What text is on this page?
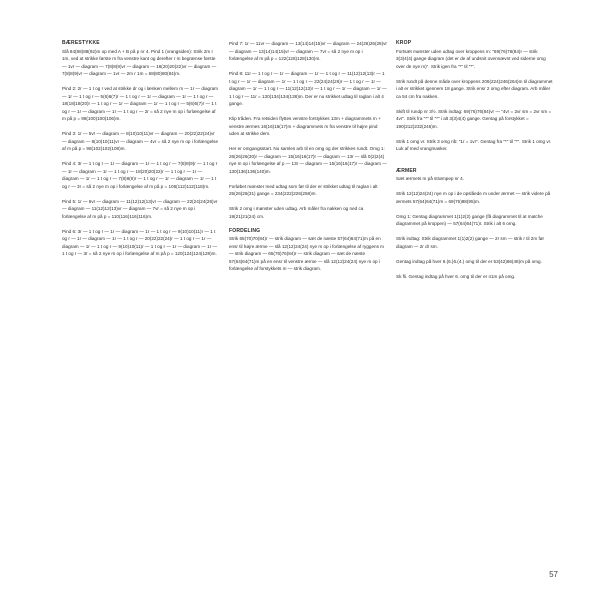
BÆRESTYKKE

Slå 84(88)88(92)m op med A + B på p nr 4. Pind 1 (vrangsiden): Strik 2m r 1m, ved at strikke første m fra venstre kant og derefter r m begrænse første — 1vr — diagram — 7(8)8(9)vr — diagram — 16(20)20(22)vr — diagram — 7(8)8(9)vr — diagram — 1vr — 2m r 1m = 68(80)80(84)m.

Pind 2: 2r — 1 t og r ved at strikke dr og i lænken mellem m — 1r — diagram — 1r — 1 t og r — 5(6)6(7)r — 1 t og r — 1r — diagram — 1r — 1 t og r — 18(18)18(20)r — 1 t og r — 1r — diagram — 1r — 1 t og r — 5(6)6(7)r — 1 t og r — 1r — diagram — 1r — 1 t og r — 2r = så 2 nye m op i forlængelse af m på p = 98(100)100(106)m.

Pind 3: 1r — 5vr — diagram — 8(10)10(11)vr — diagram — 20(22)22(24)vr — diagram — 8(10)10(11)vr — diagram — 4vr = så 2 nye m op i forlængelse af m på p = 98(102)102(108)m.

Pind 4: 3r — 1 t og r — 1r — diagram — 1r — 1 t og r — 7(8)8(9)r — 1 t og r — 1r — diagram — 1r — 1 t og r — 18(20)20(22)r — 1 t og r — 1r — diagram — 1r — 1 t og r — 7(8)8(9)r — 1 t og r — 1r — diagram — 1r — 1 t og r — 3r = så 2 nye m op i forlængelse af m på p = 106(112)112(118)m.

Pind 5: 1r — 6vr — diagram — 11(12)12(13)vr — diagram — 22(24)24(26)vr — diagram — 11(12)12(13)vr — diagram — 7vr = så 2 nye m op i forlængelse af m på p = 110(116)116(116)m.

Pind 6: 3r — 1 t og r — 1r — diagram — 1r — 1 t og r — 9(10)10(11)r — 1 t og r — 1r — diagram — 1r — 1 t og r — 20(22)22(24)r — 1 t og r — 1r — diagram — 1r — 1 t og r — 9(10)10(11)r — 1 t og r — 1r — diagram — 1r — 1 t og r — 3r = så 2 nye m op i forlængelse af m på p = 120(124)124(128)m.

Pind 7: 1r — 11vr — diagram — 13(14)14(15)vr — diagram — 24(26)26(28)vr — diagram — 13(14)14(15)vr — diagram — 7vr = så 2 nye m op i forlængelse af m på p = 122(128)128(130)m.

Pind 8: 11r — 1 t og r — 1r — diagram — 1r — 1 t og r — 11(12)12(13)r — 1 t og r — 1r — diagram — 1r — 1 t og r — 22(24)24(26)r — 1 t og r — 1r — diagram — 1r — 1 t og r — 11(12)12(13)r — 1 t og r — 1r — diagram — 1r — 1 t og r — 11r = 130(134)134(138)m. Der er nu strikket udtag til raglan i alt 4 gange.

Klip tråden. Fra retsiden flyttes venstre forstykkes 13m + diagrammets m + venstre ærmes 16(16)16(17)m + diagrammets m fra venstre til højre pind uden at strikke dem.

Her er omgangsstart. Nu samles arb til en omg og der strikkes rundt. Omg 1: 26(26)26(30)r — diagram — 15(16)16(17)r — diagram — 13r — slå 0(2)2(4) nye m op i forlængelse af p — 13r — diagram — 15(16)16(17)r — diagram — 130(136)136(140)m.

Forløbet mønster med udtag som før til der er strikket udtag til raglan i alt 25(26)26(31) gange = 234(222)226(258)m.

Strik 2 omg i mønster uden udtag. Arb måler fra nakken og ned ca 19(21)21(24) cm.

FORDELING

Strik 65(70)70(84)r — strik diagram — sæt de næste 57(64)64(71)m på en ensr til højre ærme — slå 12(12)24(24) nye m op i forlængelse af ryggens m — strik diagram — 65(76)76(84)r — strik diagram — sæt de næste 57(64)64(71)m på en ensr til venstre ærme — slå 12(12)24(24) nye m op i forlængelse af forstykkets m — strik diagram.

KROP

Fortsæt mønster uden udtag over kroppens m: "69(76)76(84)r — strik 3(3)4(4) gange diagram (det er de af undsnit ovennævnt ved siderne omg over de nye m)". Strik igen fra "*" til "*".

Strik rundt på denne måde over kroppens 206(224)246(264)m til diagrammet i alt er strikket igennem 18 gange. Strik ensr 2 omg efter diagram. Arb måler ca 54 cm fra nakken.

Skift til rundp nr 3½. Strik indtag: 69(76)76(84)vr — "4vr = 2vr sm = 2vr sm = 4vr". Strik fra "*" til "*" i alt 3(3)4(4) gange. Gentag på forstykket = 190(212)232(246)m.

Strik 1 omg vr. Strik 3 omg rib: "1r = 1vr". Gentag fra "*" til "*". Strik 1 omg vr. Luk af med vrangmasker.

ÆRMER

Sæt ærmets m på strømpep nr 4.

Strik 12(12)24(24) nye m op i de opslåede m under ærmet — strik videre på ærmets 57(64)64(71)m = 69(76)88(95)m.

Omg 1: Gentag diagrammet 1(1)2(2) gange (få diagrammet til at matche diagrammet på kroppen) — 57(64)64(71)r. Strik i alt 6 omg.

Strik indtag: Strik diagrammet 1(1)2(2) gange — 2r sm — strik r til 2m før diagram — 2r dr sm.

Gentag indtag på hver 6.(6.)6.(4.) omg til der er 53(42)66(48)m på omg.

Sk fli. Gentag indtag på hver 6. omg til der er 41m på omg.

57
